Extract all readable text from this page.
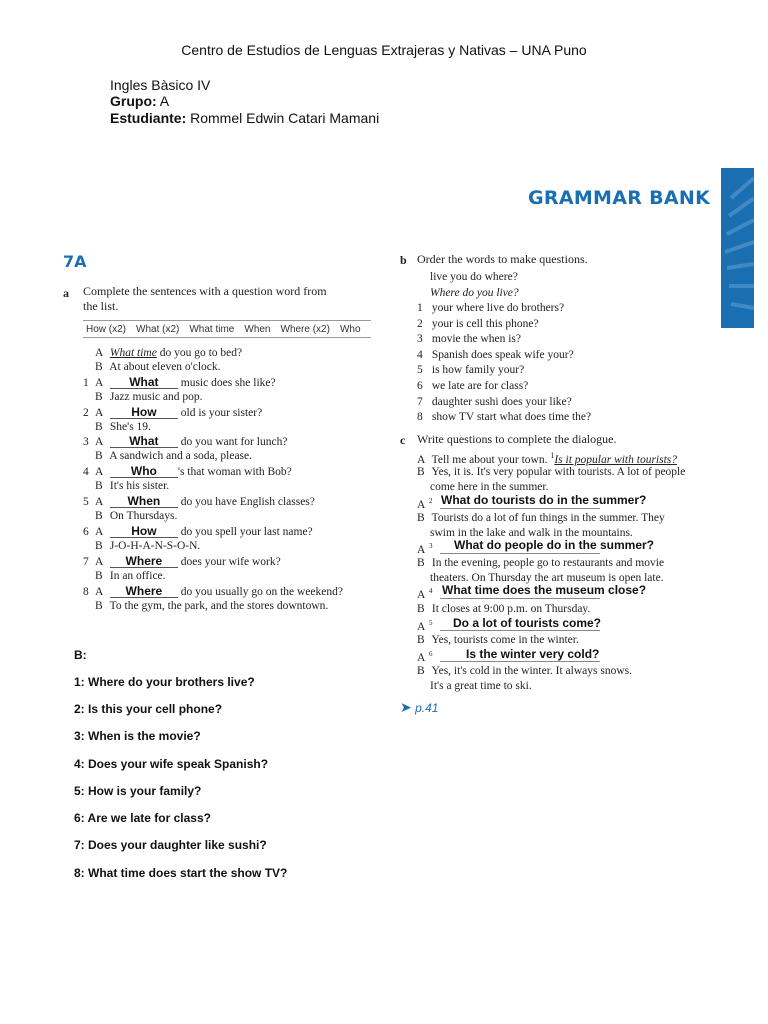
Centro de Estudios de Lenguas Extrajeras y Nativas – UNA Puno
Ingles Bàsico IV
Grupo: A
Estudiante: Rommel Edwin Catari Mamani
GRAMMAR BANK
7A
a Complete the sentences with a question word from
the list.
How (x2) What (x2) What time When Where (x2) Who
A What time do you go to bed?
B At about eleven o'clock.
1 A What music does she like?
B Jazz music and pop.
2 A How old is your sister?
B She's 19.
3 A What do you want for lunch?
B A sandwich and a soda, please.
4 A Who 's that woman with Bob?
B It's his sister.
5 A When do you have English classes?
B On Thursdays.
6 A How do you spell your last name?
B J-O-H-A-N-S-O-N.
7 A Where does your wife work?
B In an office.
8 A Where do you usually go on the weekend?
B To the gym, the park, and the stores downtown.
b Order the words to make questions.
live you do where?
Where do you live?
1 your where live do brothers?
2 your is cell this phone?
3 movie the when is?
4 Spanish does speak wife your?
5 is how family your?
6 we late are for class?
7 daughter sushi does your like?
8 show TV start what does time the?
c Write questions to complete the dialogue.
A Tell me about your town. $^1$Is it popular with tourists?
B Yes, it is. It's very popular with tourists. A lot of people
come here in the summer.
A $^2$ What do tourists do in the summer?
B Tourists do a lot of fun things in the summer. They
swim in the lake and walk in the mountains.
A $^3$ What do people do in the summer?
B In the evening, people go to restaurants and movie
theaters. On Thursday the art museum is open late.
A $^4$ What time does the museum close?
B It closes at 9:00 p.m. on Thursday.
A $^5$ Do a lot of tourists come?
B Yes, tourists come in the winter.
A $^6$	Is the winter very cold?
B Yes, it's cold in the winter. It always snows.
It's a great time to ski.
➤ p.41
B:
1: Where do your brothers live?
2: Is this your cell phone?
3: When is the movie?
4: Does your wife speak Spanish?
5: How is your family?
6: Are we late for class?
7: Does your daughter like sushi?
8: What time does start the show TV?
